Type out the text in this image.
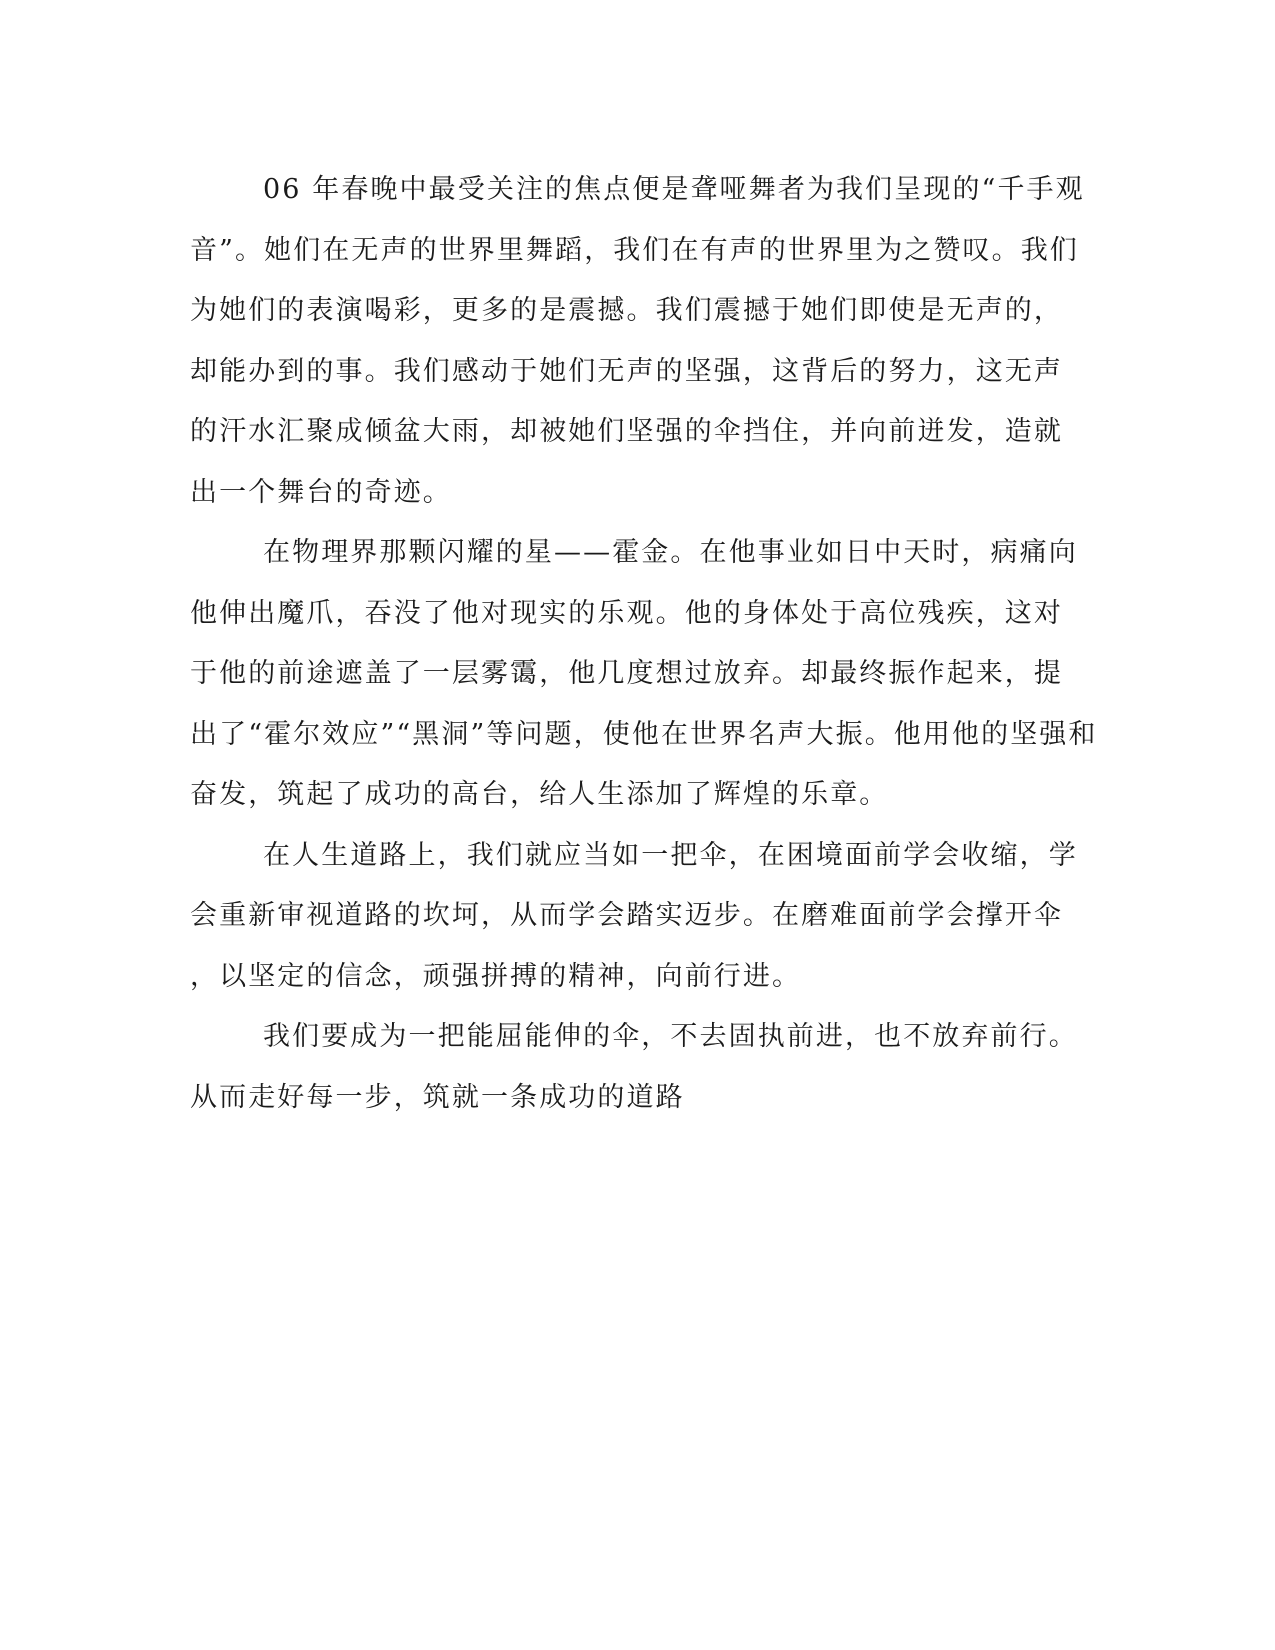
06 年春晚中最受关注的焦点便是聋哑舞者为我们呈现的“千手观
音”。她们在无声的世界里舞蹈，我们在有声的世界里为之赞叹。我们
为她们的表演喝彩，更多的是震撼。我们震撼于她们即使是无声的，
却能办到的事。我们感动于她们无声的坚强，这背后的努力，这无声
的汗水汇聚成倾盆大雨，却被她们坚强的伞挡住，并向前迸发，造就
出一个舞台的奇迹。
在物理界那颗闪耀的星——霍金。在他事业如日中天时，病痛向
他伸出魔爪，吞没了他对现实的乐观。他的身体处于高位残疾，这对
于他的前途遮盖了一层雾霭，他几度想过放弃。却最终振作起来，提
出了“霍尔效应”“黑洞”等问题，使他在世界名声大振。他用他的坚强和
奋发，筑起了成功的高台，给人生添加了辉煌的乐章。
在人生道路上，我们就应当如一把伞，在困境面前学会收缩，学
会重新审视道路的坎坷，从而学会踏实迈步。在磨难面前学会撑开伞
，以坚定的信念，顽强拼搏的精神，向前行进。
我们要成为一把能屈能伸的伞，不去固执前进，也不放弃前行。
从而走好每一步，筑就一条成功的道路
